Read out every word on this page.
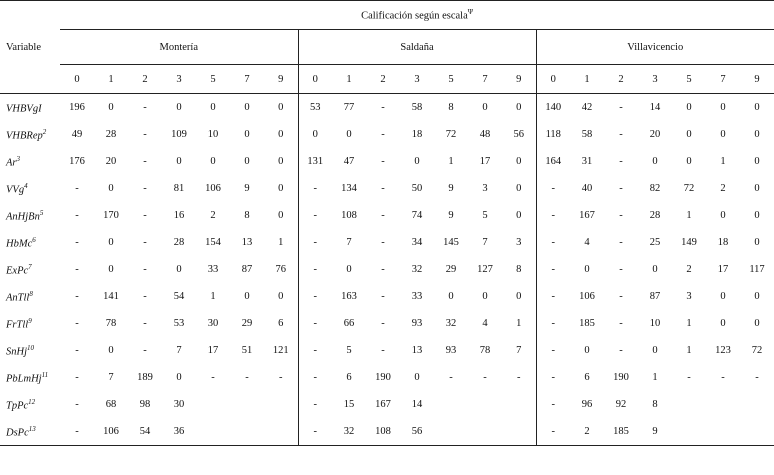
	Calificación según escala$^\Psi$
Variable	Montería							Saldaña							Villavicencio						
	0	1	2	3	5	7	9	0	1	2	3	5	7	9	0	1	2	3	5	7	9
VHBVgI	196	0	-	0	0	0	0	53	77	-	58	8	0	0	140	42	-	14	0	0	0
VHBRep$^2$	49	28	-	109	10	0	0	0	0	-	18	72	48	56	118	58	-	20	0	0	0
Ar$^3$	176	20	-	0	0	0	0	131	47	-	0	1	17	0	164	31	-	0	0	1	0
VVg$^4$	-	0	-	81	106	9	0	-	134	-	50	9	3	0	-	40	-	82	72	2	0
AnHjBn$^5$	-	170	-	16	2	8	0	-	108	-	74	9	5	0	-	167	-	28	1	0	0
HbMc$^6$	-	0	-	28	154	13	1	-	7	-	34	145	7	3	-	4	-	25	149	18	0
ExPc$^7$	-	0	-	0	33	87	76	-	0	-	32	29	127	8	-	0	-	0	2	17	117
AnTll$^8$	-	141	-	54	1	0	0	-	163	-	33	0	0	0	-	106	-	87	3	0	0
FrTll$^9$	-	78	-	53	30	29	6	-	66	-	93	32	4	1	-	185	-	10	1	0	0
SnHj$^{10}$	-	0	-	7	17	51	121	-	5	-	13	93	78	7	-	0	-	0	1	123	72
PbLmHj$^{11}$	-	7	189	0	-	-	-	-	6	190	0	-	-	-	-	6	190	1	-	-	-
TpPc$^{12}$	-	68	98	30				-	15	167	14				-	96	92	8			
DsPc$^{13}$	-	106	54	36				-	32	108	56				-	2	185	9			
